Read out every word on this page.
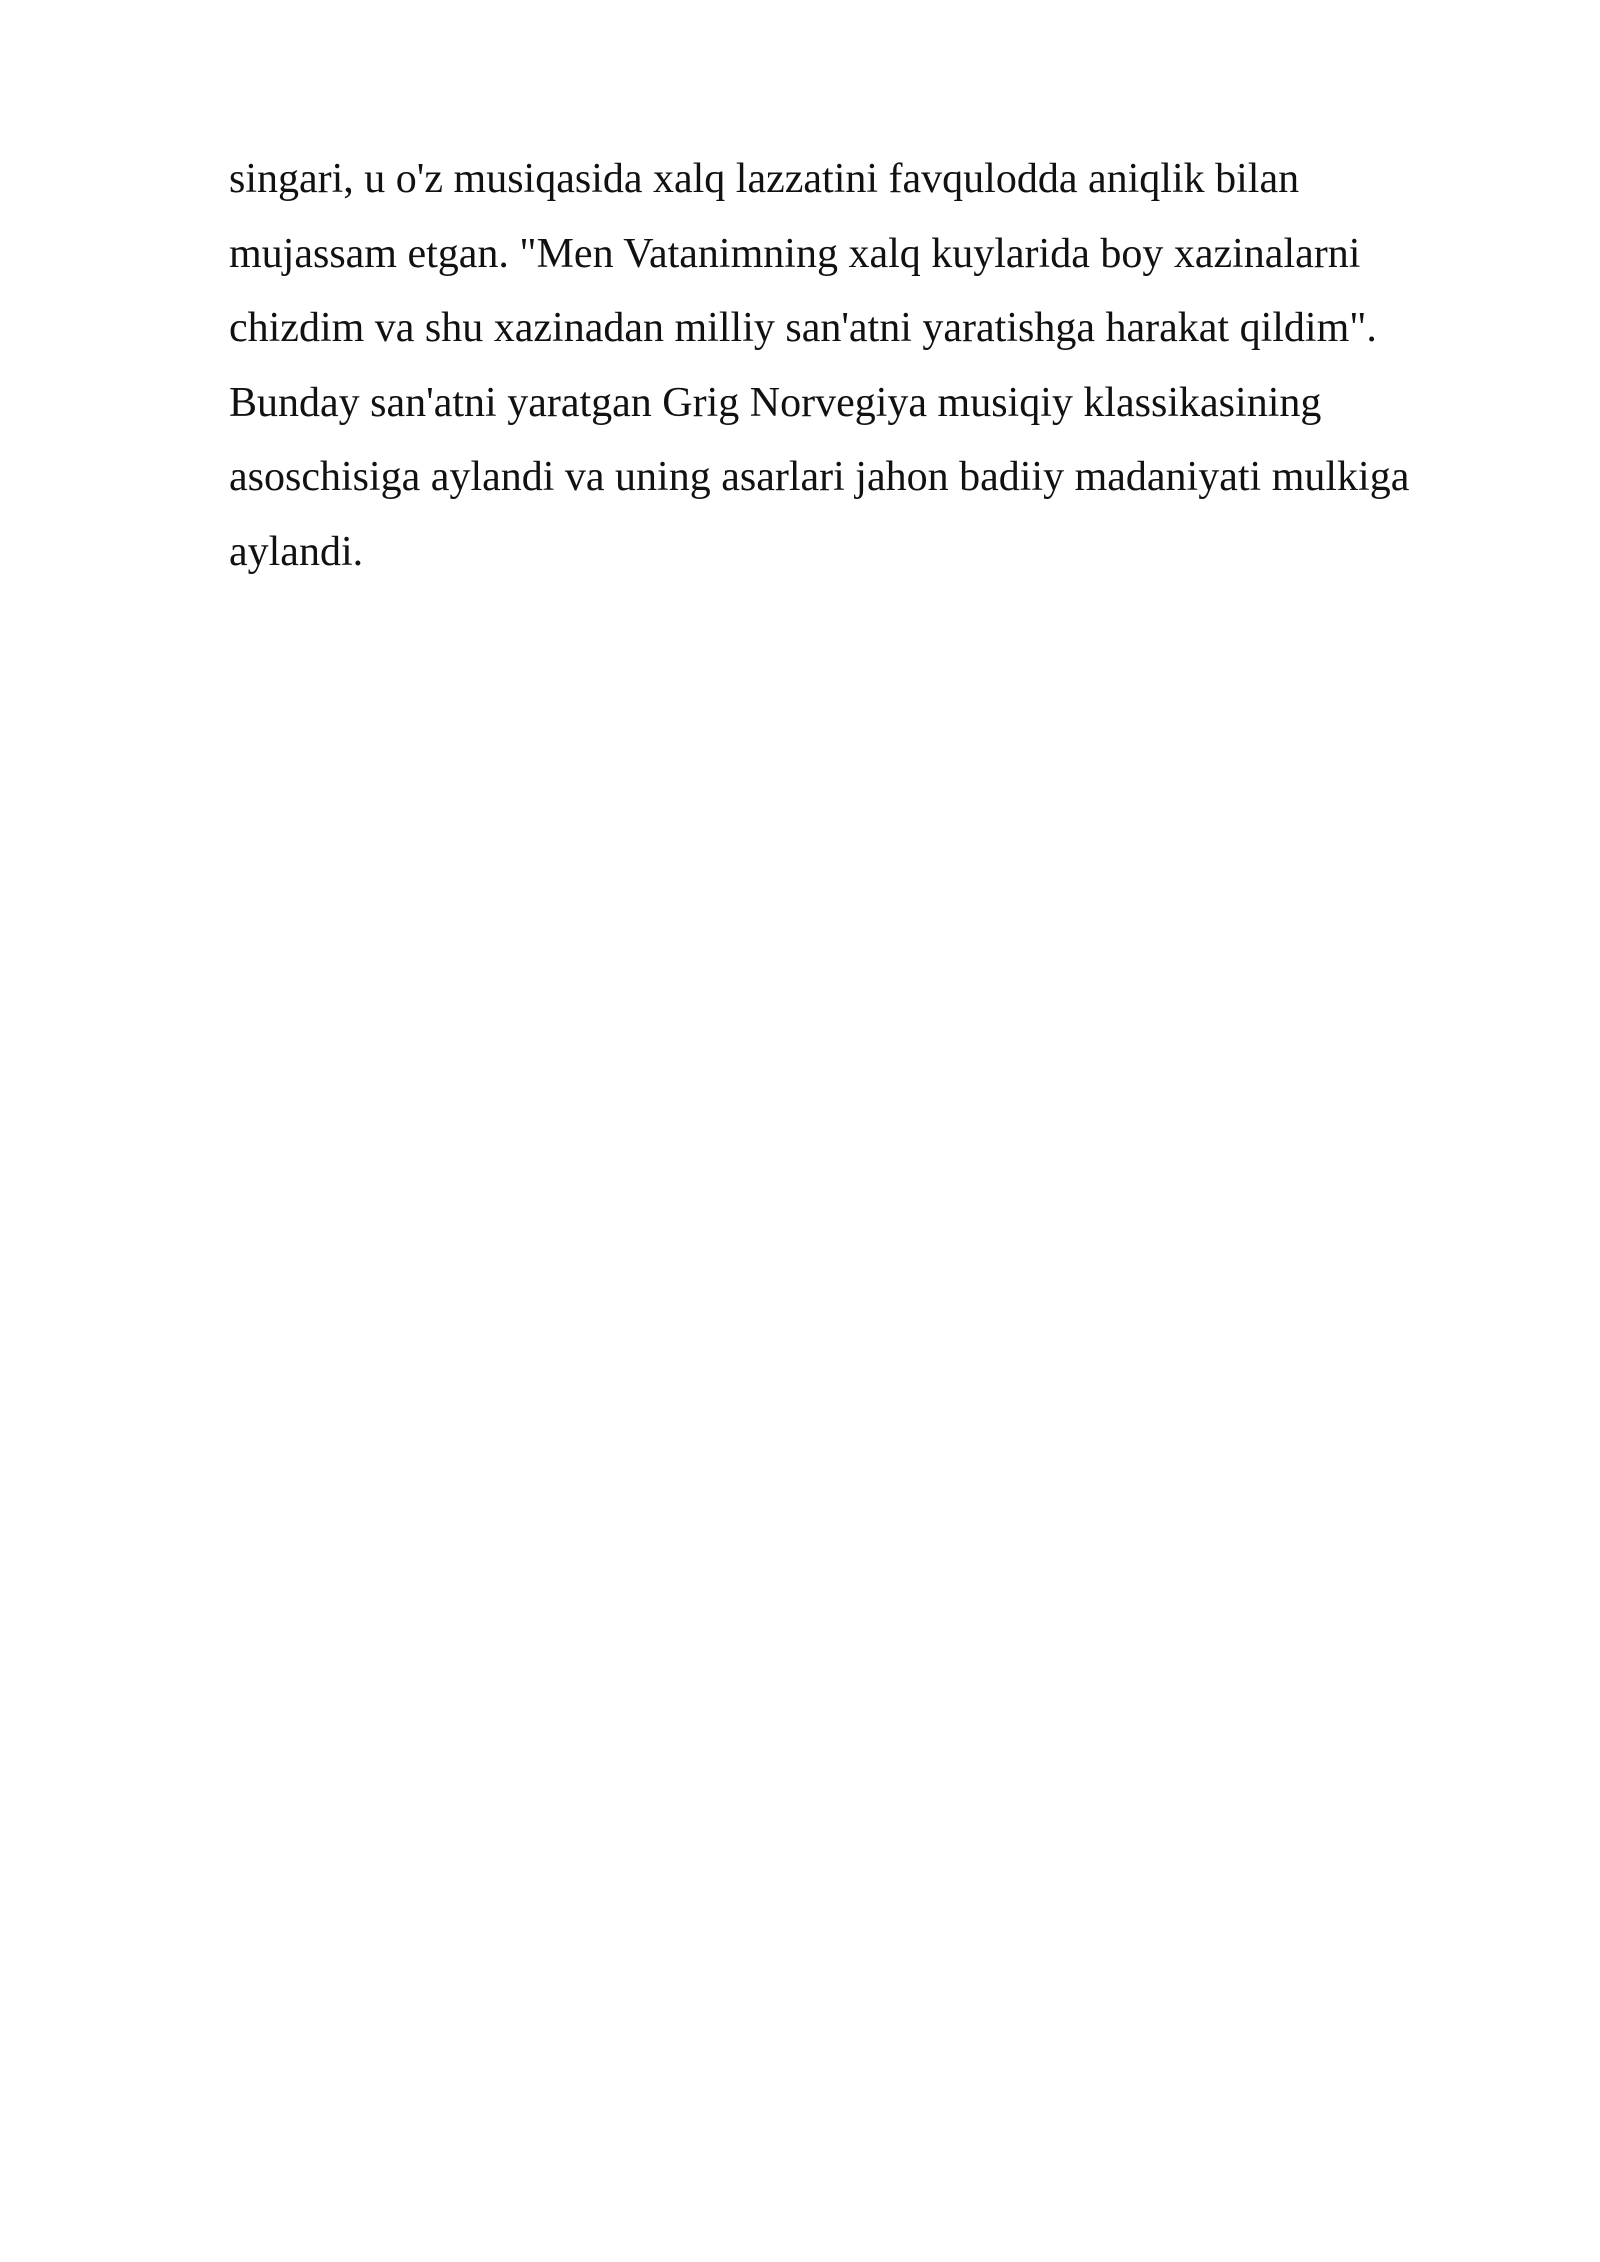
singari, u o'z musiqasida xalq lazzatini favqulodda aniqlik bilan
mujassam etgan. "Men Vatanimning xalq kuylarida boy xazinalarni
chizdim va shu xazinadan milliy san'atni yaratishga harakat qildim".
Bunday san'atni yaratgan Grig Norvegiya musiqiy klassikasining
asoschisiga aylandi va uning asarlari jahon badiiy madaniyati mulkiga
aylandi.
